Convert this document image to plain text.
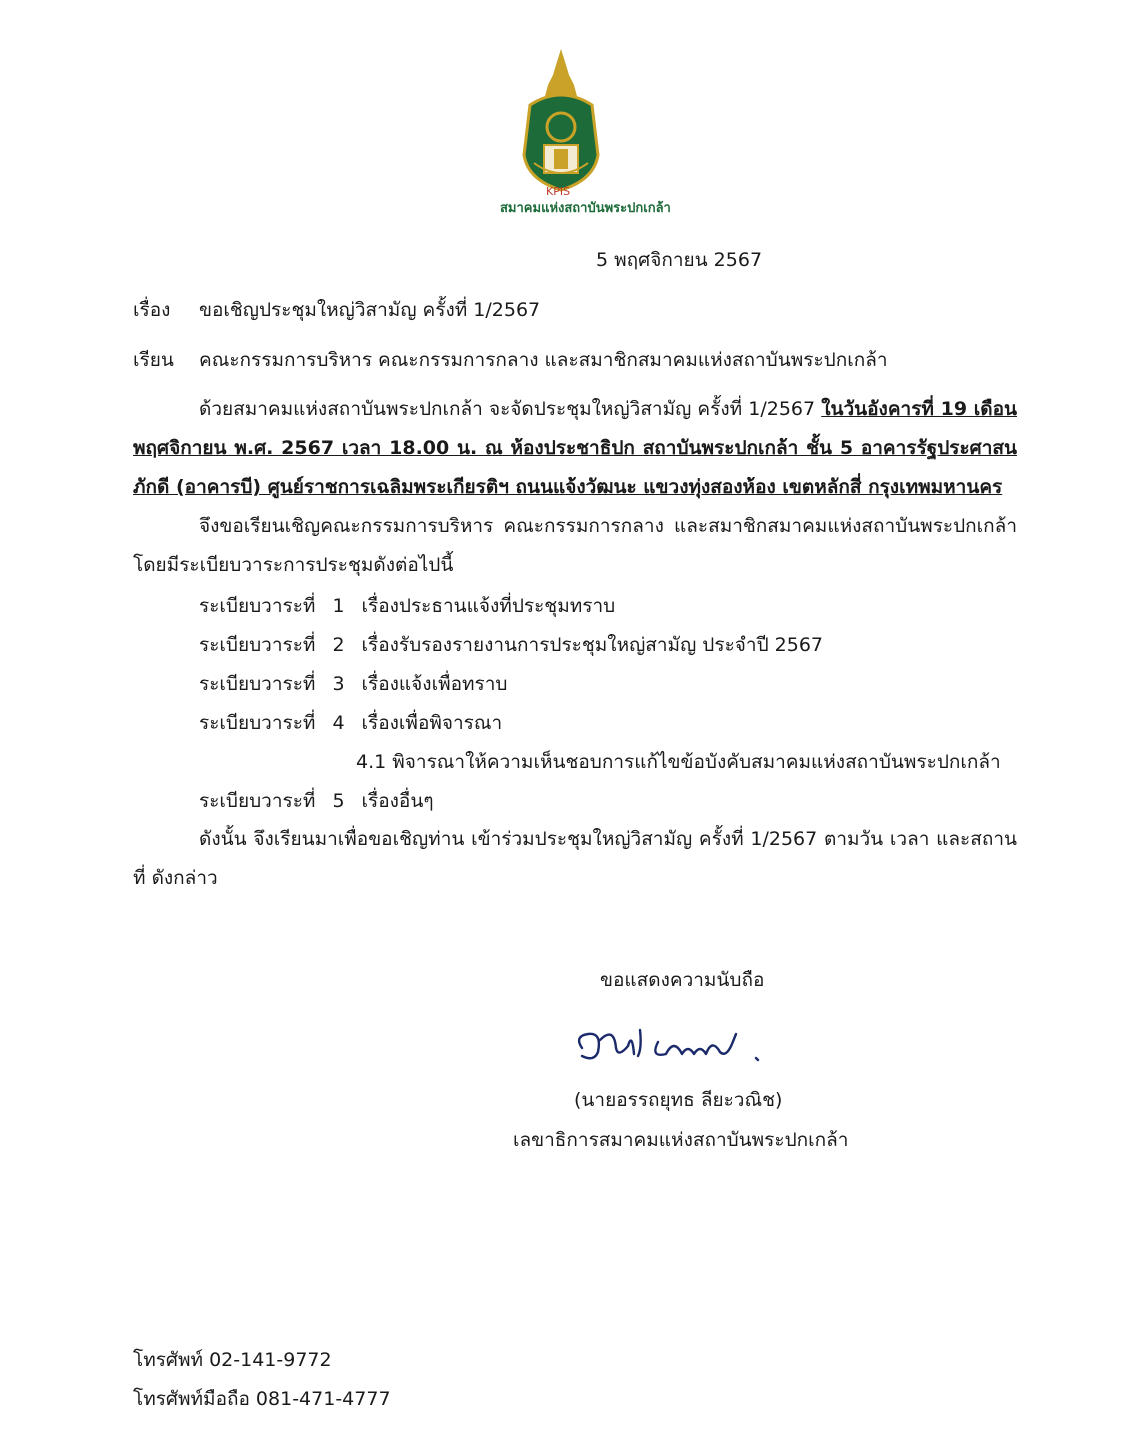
KPIS
สมาคมแห่งสถาบันพระปกเกล้า
5 พฤศจิกายน 2567
เรื่อง ขอเชิญประชุมใหญ่วิสามัญ ครั้งที่ 1/2567
เรียน คณะกรรมการบริหาร คณะกรรมการกลาง และสมาชิกสมาคมแห่งสถาบันพระปกเกล้า
ด้วยสมาคมแห่งสถาบันพระปกเกล้า จะจัดประชุมใหญ่วิสามัญ ครั้งที่ 1/2567 ในวันอังคารที่ 19 เดือน พฤศจิกายน พ.ศ. 2567 เวลา 18.00 น. ณ ห้องประชาธิปก สถาบันพระปกเกล้า ชั้น 5 อาคารรัฐประศาสนภักดี (อาคารบี) ศูนย์ราชการเฉลิมพระเกียรติฯ ถนนแจ้งวัฒนะ แขวงทุ่งสองห้อง เขตหลักสี่ กรุงเทพมหานคร
จึงขอเรียนเชิญคณะกรรมการบริหาร คณะกรรมการกลาง และสมาชิกสมาคมแห่งสถาบันพระปกเกล้า โดยมีระเบียบวาระการประชุมดังต่อไปนี้
ระเบียบวาระที่ 1 เรื่องประธานแจ้งที่ประชุมทราบ
ระเบียบวาระที่ 2 เรื่องรับรองรายงานการประชุมใหญ่สามัญ ประจำปี 2567
ระเบียบวาระที่ 3 เรื่องแจ้งเพื่อทราบ
ระเบียบวาระที่ 4 เรื่องเพื่อพิจารณา
4.1 พิจารณาให้ความเห็นชอบการแก้ไขข้อบังคับสมาคมแห่งสถาบันพระปกเกล้า
ระเบียบวาระที่ 5 เรื่องอื่นๆ
ดังนั้น จึงเรียนมาเพื่อขอเชิญท่าน เข้าร่วมประชุมใหญ่วิสามัญ ครั้งที่ 1/2567 ตามวัน เวลา และสถานที่ ดังกล่าว
ขอแสดงความนับถือ
(นายอรรถยุทธ ลียะวณิช)
เลขาธิการสมาคมแห่งสถาบันพระปกเกล้า
โทรศัพท์ 02-141-9772
โทรศัพท์มือถือ 081-471-4777
